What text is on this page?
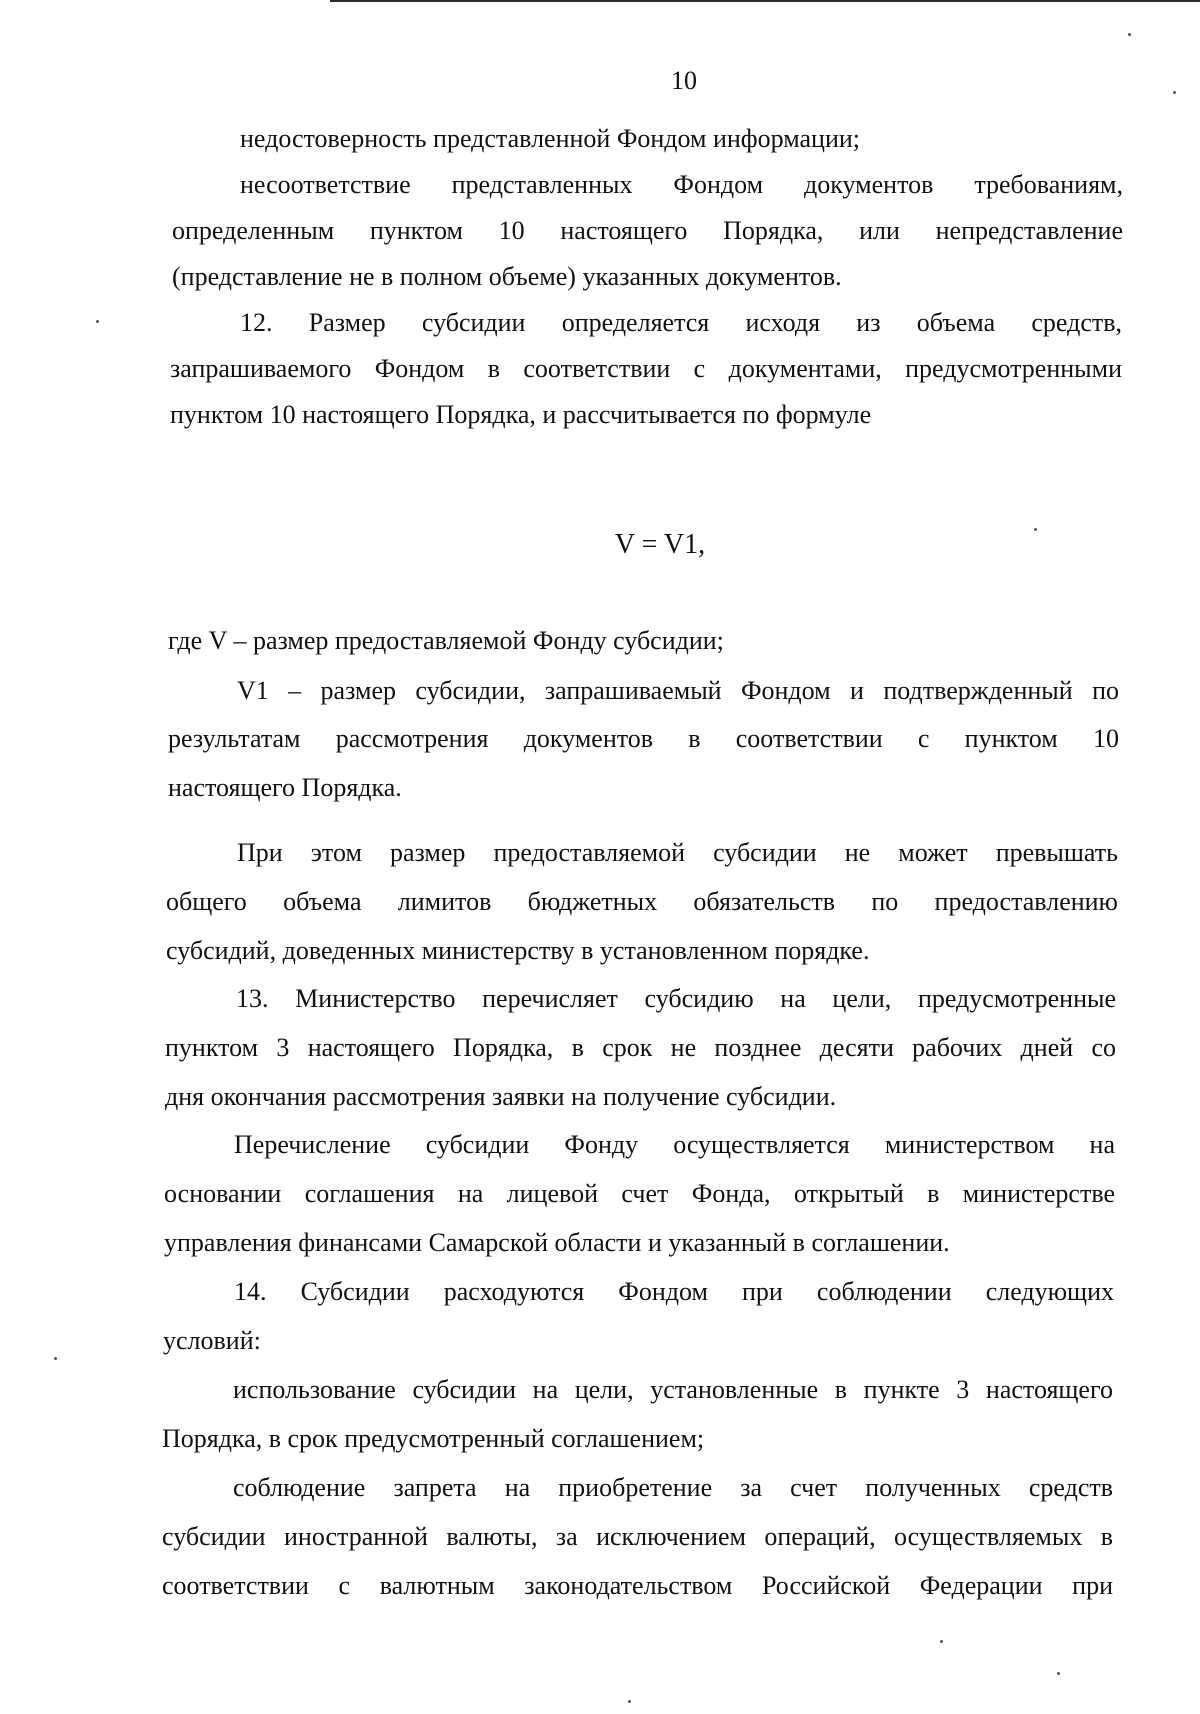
10
недостоверность представленной Фондом информации;
несоответствие представленных Фондом документов требованиям,
определенным пунктом 10 настоящего Порядка, или непредставление
(представление не в полном объеме) указанных документов.
12. Размер субсидии определяется исходя из объема средств,
запрашиваемого Фондом в соответствии с документами, предусмотренными
пунктом 10 настоящего Порядка, и рассчитывается по формуле
где V – размер предоставляемой Фонду субсидии;
V1 – размер субсидии, запрашиваемый Фондом и подтвержденный по
результатам рассмотрения документов в соответствии с пунктом 10
настоящего Порядка.
При этом размер предоставляемой субсидии не может превышать
общего объема лимитов бюджетных обязательств по предоставлению
субсидий, доведенных министерству в установленном порядке.
13. Министерство перечисляет субсидию на цели, предусмотренные
пунктом 3 настоящего Порядка, в срок не позднее десяти рабочих дней со
дня окончания рассмотрения заявки на получение субсидии.
Перечисление субсидии Фонду осуществляется министерством на
основании соглашения на лицевой счет Фонда, открытый в министерстве
управления финансами Самарской области и указанный в соглашении.
14. Субсидии расходуются Фондом при соблюдении следующих
условий:
использование субсидии на цели, установленные в пункте 3 настоящего
Порядка, в срок предусмотренный соглашением;
соблюдение запрета на приобретение за счет полученных средств
субсидии иностранной валюты, за исключением операций, осуществляемых в
соответствии с валютным законодательством Российской Федерации при
V = V1,
